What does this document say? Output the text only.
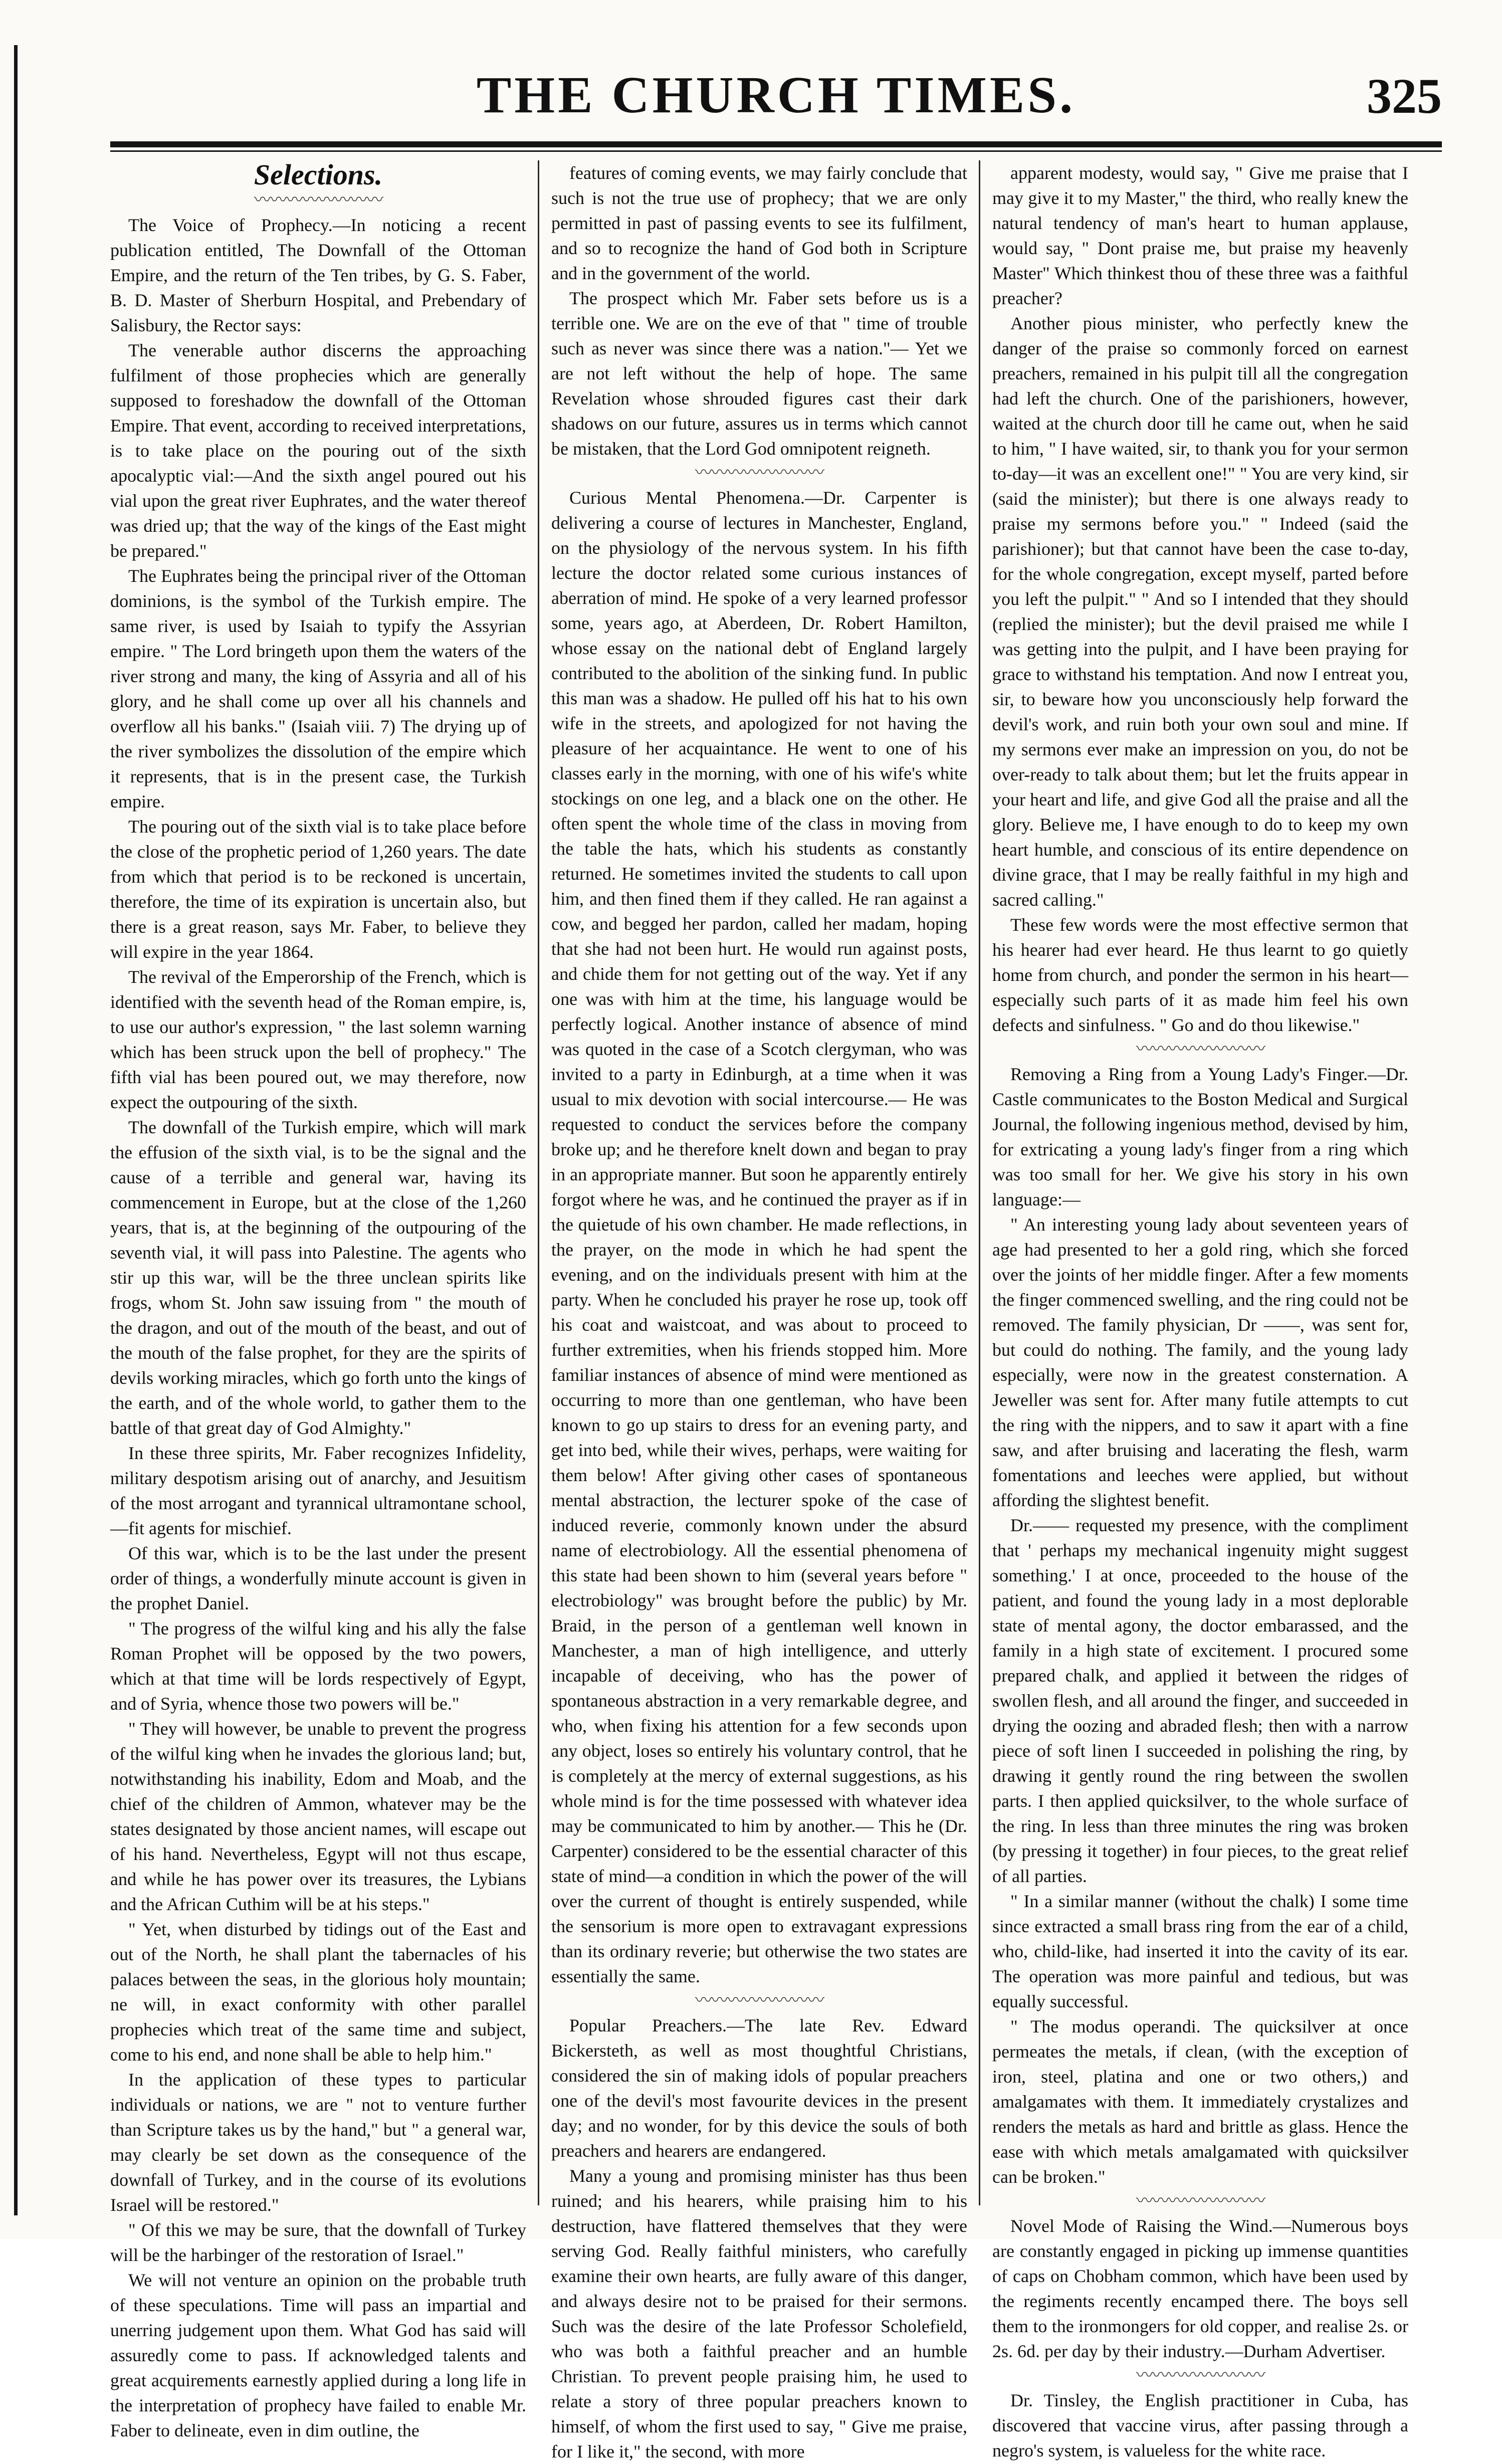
THE CHURCH TIMES.	325
Selections.
〰〰〰〰〰〰〰〰

The Voice of Prophecy.—In noticing a recent publication entitled, The Downfall of the Ottoman Empire, and the return of the Ten tribes, by G. S. Faber, B. D. Master of Sherburn Hospital, and Prebendary of Salisbury, the Rector says:

The venerable author discerns the approaching fulfilment of those prophecies which are generally supposed to foreshadow the downfall of the Ottoman Empire. That event, according to received interpretations, is to take place on the pouring out of the sixth apocalyptic vial:—And the sixth angel poured out his vial upon the great river Euphrates, and the water thereof was dried up; that the way of the kings of the East might be prepared."

The Euphrates being the principal river of the Ottoman dominions, is the symbol of the Turkish empire. The same river, is used by Isaiah to typify the Assyrian empire. " The Lord bringeth upon them the waters of the river strong and many, the king of Assyria and all of his glory, and he shall come up over all his channels and overflow all his banks." (Isaiah viii. 7) The drying up of the river symbolizes the dissolution of the empire which it represents, that is in the present case, the Turkish empire.

The pouring out of the sixth vial is to take place before the close of the prophetic period of 1,260 years. The date from which that period is to be reckoned is uncertain, therefore, the time of its expiration is uncertain also, but there is a great reason, says Mr. Faber, to believe they will expire in the year 1864.

The revival of the Emperorship of the French, which is identified with the seventh head of the Roman empire, is, to use our author's expression, " the last solemn warning which has been struck upon the bell of prophecy." The fifth vial has been poured out, we may therefore, now expect the outpouring of the sixth.

The downfall of the Turkish empire, which will mark the effusion of the sixth vial, is to be the signal and the cause of a terrible and general war, having its commencement in Europe, but at the close of the 1,260 years, that is, at the beginning of the outpouring of the seventh vial, it will pass into Palestine. The agents who stir up this war, will be the three unclean spirits like frogs, whom St. John saw issuing from " the mouth of the dragon, and out of the mouth of the beast, and out of the mouth of the false prophet, for they are the spirits of devils working miracles, which go forth unto the kings of the earth, and of the whole world, to gather them to the battle of that great day of God Almighty."

In these three spirits, Mr. Faber recognizes Infidelity, military despotism arising out of anarchy, and Jesuitism of the most arrogant and tyrannical ultramontane school,—fit agents for mischief.

Of this war, which is to be the last under the present order of things, a wonderfully minute account is given in the prophet Daniel.

" The progress of the wilful king and his ally the false Roman Prophet will be opposed by the two powers, which at that time will be lords respectively of Egypt, and of Syria, whence those two powers will be."

" They will however, be unable to prevent the progress of the wilful king when he invades the glorious land; but, notwithstanding his inability, Edom and Moab, and the chief of the children of Ammon, whatever may be the states designated by those ancient names, will escape out of his hand. Nevertheless, Egypt will not thus escape, and while he has power over its treasures, the Lybians and the African Cuthim will be at his steps."

" Yet, when disturbed by tidings out of the East and out of the North, he shall plant the tabernacles of his palaces between the seas, in the glorious holy mountain; ne will, in exact conformity with other parallel prophecies which treat of the same time and subject, come to his end, and none shall be able to help him."

In the application of these types to particular individuals or nations, we are " not to venture further than Scripture takes us by the hand," but " a general war, may clearly be set down as the consequence of the downfall of Turkey, and in the course of its evolutions Israel will be restored."

" Of this we may be sure, that the downfall of Turkey will be the harbinger of the restoration of Israel."

We will not venture an opinion on the probable truth of these speculations. Time will pass an impartial and unerring judgement upon them. What God has said will assuredly come to pass. If acknowledged talents and great acquirements earnestly applied during a long life in the interpretation of prophecy have failed to enable Mr. Faber to delineate, even in dim outline, the

features of coming events, we may fairly conclude that such is not the true use of prophecy; that we are only permitted in past of passing events to see its fulfilment, and so to recognize the hand of God both in Scripture and in the government of the world.

The prospect which Mr. Faber sets before us is a terrible one. We are on the eve of that " time of trouble such as never was since there was a nation."— Yet we are not left without the help of hope. The same Revelation whose shrouded figures cast their dark shadows on our future, assures us in terms which cannot be mistaken, that the Lord God omnipotent reigneth.

〰〰〰〰〰〰〰〰

Curious Mental Phenomena.—Dr. Carpenter is delivering a course of lectures in Manchester, England, on the physiology of the nervous system. In his fifth lecture the doctor related some curious instances of aberration of mind. He spoke of a very learned professor some, years ago, at Aberdeen, Dr. Robert Hamilton, whose essay on the national debt of England largely contributed to the abolition of the sinking fund. In public this man was a shadow. He pulled off his hat to his own wife in the streets, and apologized for not having the pleasure of her acquaintance. He went to one of his classes early in the morning, with one of his wife's white stockings on one leg, and a black one on the other. He often spent the whole time of the class in moving from the table the hats, which his students as constantly returned. He sometimes invited the students to call upon him, and then fined them if they called. He ran against a cow, and begged her pardon, called her madam, hoping that she had not been hurt. He would run against posts, and chide them for not getting out of the way. Yet if any one was with him at the time, his language would be perfectly logical. Another instance of absence of mind was quoted in the case of a Scotch clergyman, who was invited to a party in Edinburgh, at a time when it was usual to mix devotion with social intercourse.— He was requested to conduct the services before the company broke up; and he therefore knelt down and began to pray in an appropriate manner. But soon he apparently entirely forgot where he was, and he continued the prayer as if in the quietude of his own chamber. He made reflections, in the prayer, on the mode in which he had spent the evening, and on the individuals present with him at the party. When he concluded his prayer he rose up, took off his coat and waistcoat, and was about to proceed to further extremities, when his friends stopped him. More familiar instances of absence of mind were mentioned as occurring to more than one gentleman, who have been known to go up stairs to dress for an evening party, and get into bed, while their wives, perhaps, were waiting for them below! After giving other cases of spontaneous mental abstraction, the lecturer spoke of the case of induced reverie, commonly known under the absurd name of electrobiology. All the essential phenomena of this state had been shown to him (several years before " electrobiology" was brought before the public) by Mr. Braid, in the person of a gentleman well known in Manchester, a man of high intelligence, and utterly incapable of deceiving, who has the power of spontaneous abstraction in a very remarkable degree, and who, when fixing his attention for a few seconds upon any object, loses so entirely his voluntary control, that he is completely at the mercy of external suggestions, as his whole mind is for the time possessed with whatever idea may be communicated to him by another.— This he (Dr. Carpenter) considered to be the essential character of this state of mind—a condition in which the power of the will over the current of thought is entirely suspended, while the sensorium is more open to extravagant expressions than its ordinary reverie; but otherwise the two states are essentially the same.

〰〰〰〰〰〰〰〰

Popular Preachers.—The late Rev. Edward Bickersteth, as well as most thoughtful Christians, considered the sin of making idols of popular preachers one of the devil's most favourite devices in the present day; and no wonder, for by this device the souls of both preachers and hearers are endangered.

Many a young and promising minister has thus been ruined; and his hearers, while praising him to his destruction, have flattered themselves that they were serving God. Really faithful ministers, who carefully examine their own hearts, are fully aware of this danger, and always desire not to be praised for their sermons. Such was the desire of the late Professor Scholefield, who was both a faithful preacher and an humble Christian. To prevent people praising him, he used to relate a story of three popular preachers known to himself, of whom the first used to say, " Give me praise, for I like it," the second, with more

apparent modesty, would say, " Give me praise that I may give it to my Master," the third, who really knew the natural tendency of man's heart to human applause, would say, " Dont praise me, but praise my heavenly Master" Which thinkest thou of these three was a faithful preacher?

Another pious minister, who perfectly knew the danger of the praise so commonly forced on earnest preachers, remained in his pulpit till all the congregation had left the church. One of the parishioners, however, waited at the church door till he came out, when he said to him, " I have waited, sir, to thank you for your sermon to-day—it was an excellent one!" " You are very kind, sir (said the minister); but there is one always ready to praise my sermons before you." " Indeed (said the parishioner); but that cannot have been the case to-day, for the whole congregation, except myself, parted before you left the pulpit." " And so I intended that they should (replied the minister); but the devil praised me while I was getting into the pulpit, and I have been praying for grace to withstand his temptation. And now I entreat you, sir, to beware how you unconsciously help forward the devil's work, and ruin both your own soul and mine. If my sermons ever make an impression on you, do not be over-ready to talk about them; but let the fruits appear in your heart and life, and give God all the praise and all the glory. Believe me, I have enough to do to keep my own heart humble, and conscious of its entire dependence on divine grace, that I may be really faithful in my high and sacred calling."

These few words were the most effective sermon that his hearer had ever heard. He thus learnt to go quietly home from church, and ponder the sermon in his heart—especially such parts of it as made him feel his own defects and sinfulness. " Go and do thou likewise."

〰〰〰〰〰〰〰〰

Removing a Ring from a Young Lady's Finger.—Dr. Castle communicates to the Boston Medical and Surgical Journal, the following ingenious method, devised by him, for extricating a young lady's finger from a ring which was too small for her. We give his story in his own language:—

" An interesting young lady about seventeen years of age had presented to her a gold ring, which she forced over the joints of her middle finger. After a few moments the finger commenced swelling, and the ring could not be removed. The family physician, Dr ——, was sent for, but could do nothing. The family, and the young lady especially, were now in the greatest consternation. A Jeweller was sent for. After many futile attempts to cut the ring with the nippers, and to saw it apart with a fine saw, and after bruising and lacerating the flesh, warm fomentations and leeches were applied, but without affording the slightest benefit.

Dr.—— requested my presence, with the compliment that ' perhaps my mechanical ingenuity might suggest something.' I at once, proceeded to the house of the patient, and found the young lady in a most deplorable state of mental agony, the doctor embarassed, and the family in a high state of excitement. I procured some prepared chalk, and applied it between the ridges of swollen flesh, and all around the finger, and succeeded in drying the oozing and abraded flesh; then with a narrow piece of soft linen I succeeded in polishing the ring, by drawing it gently round the ring between the swollen parts. I then applied quicksilver, to the whole surface of the ring. In less than three minutes the ring was broken (by pressing it together) in four pieces, to the great relief of all parties.

" In a similar manner (without the chalk) I some time since extracted a small brass ring from the ear of a child, who, child-like, had inserted it into the cavity of its ear. The operation was more painful and tedious, but was equally successful.

" The modus operandi. The quicksilver at once permeates the metals, if clean, (with the exception of iron, steel, platina and one or two others,) and amalgamates with them. It immediately crystalizes and renders the metals as hard and brittle as glass. Hence the ease with which metals amalgamated with quicksilver can be broken."

〰〰〰〰〰〰〰〰

Novel Mode of Raising the Wind.—Numerous boys are constantly engaged in picking up immense quantities of caps on Chobham common, which have been used by the regiments recently encamped there. The boys sell them to the ironmongers for old copper, and realise 2s. or 2s. 6d. per day by their industry.—Durham Advertiser.

〰〰〰〰〰〰〰〰

Dr. Tinsley, the English practitioner in Cuba, has discovered that vaccine virus, after passing through a negro's system, is valueless for the white race.
